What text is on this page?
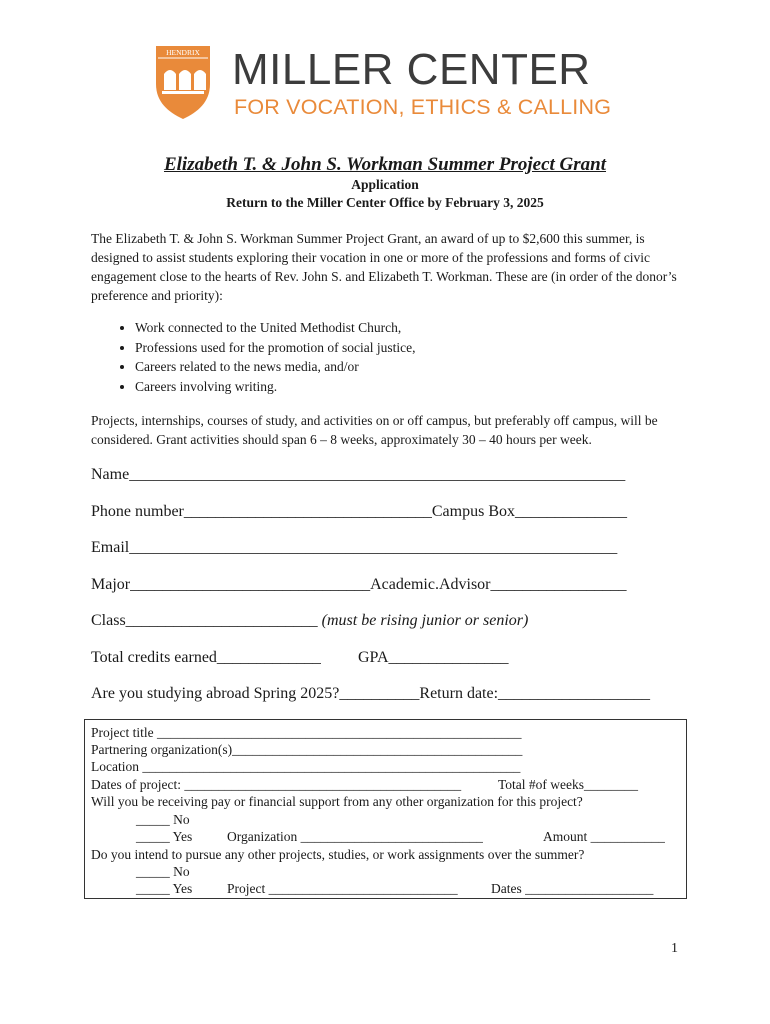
HENDRIX MILLER CENTER
FOR VOCATION, ETHICS & CALLING
Elizabeth T. & John S. Workman Summer Project Grant
Application
Return to the Miller Center Office by February 3, 2025
The Elizabeth T. & John S. Workman Summer Project Grant, an award of up to $2,600 this summer, is designed to assist students exploring their vocation in one or more of the professions and forms of civic engagement close to the hearts of Rev. John S. and Elizabeth T. Workman. These are (in order of the donor’s preference and priority):
• Work connected to the United Methodist Church,
• Professions used for the promotion of social justice,
• Careers related to the news media, and/or
• Careers involving writing.
Projects, internships, courses of study, and activities on or off campus, but preferably off campus, will be considered. Grant activities should span 6 – 8 weeks, approximately 30 – 40 hours per week.
Name______________________________________________________________
Phone number_______________________________Campus Box______________
Email_____________________________________________________________
Major______________________________Academic.Advisor_________________
Class________________________ (must be rising junior or senior)
Total credits earned_____________ GPA_______________
Are you studying abroad Spring 2025?__________Return date:___________________
Project title ______________________________________________________
Partnering organization(s)___________________________________________
Location ________________________________________________________
Dates of project: _________________________________________	Total #of weeks________
Will you be receiving pay or financial support from any other organization for this project?
_____ No
_____ Yes	Organization ___________________________	Amount ___________
Do you intend to pursue any other projects, studies, or work assignments over the summer?
_____ No
_____ Yes	Project ____________________________ Dates ___________________
1
